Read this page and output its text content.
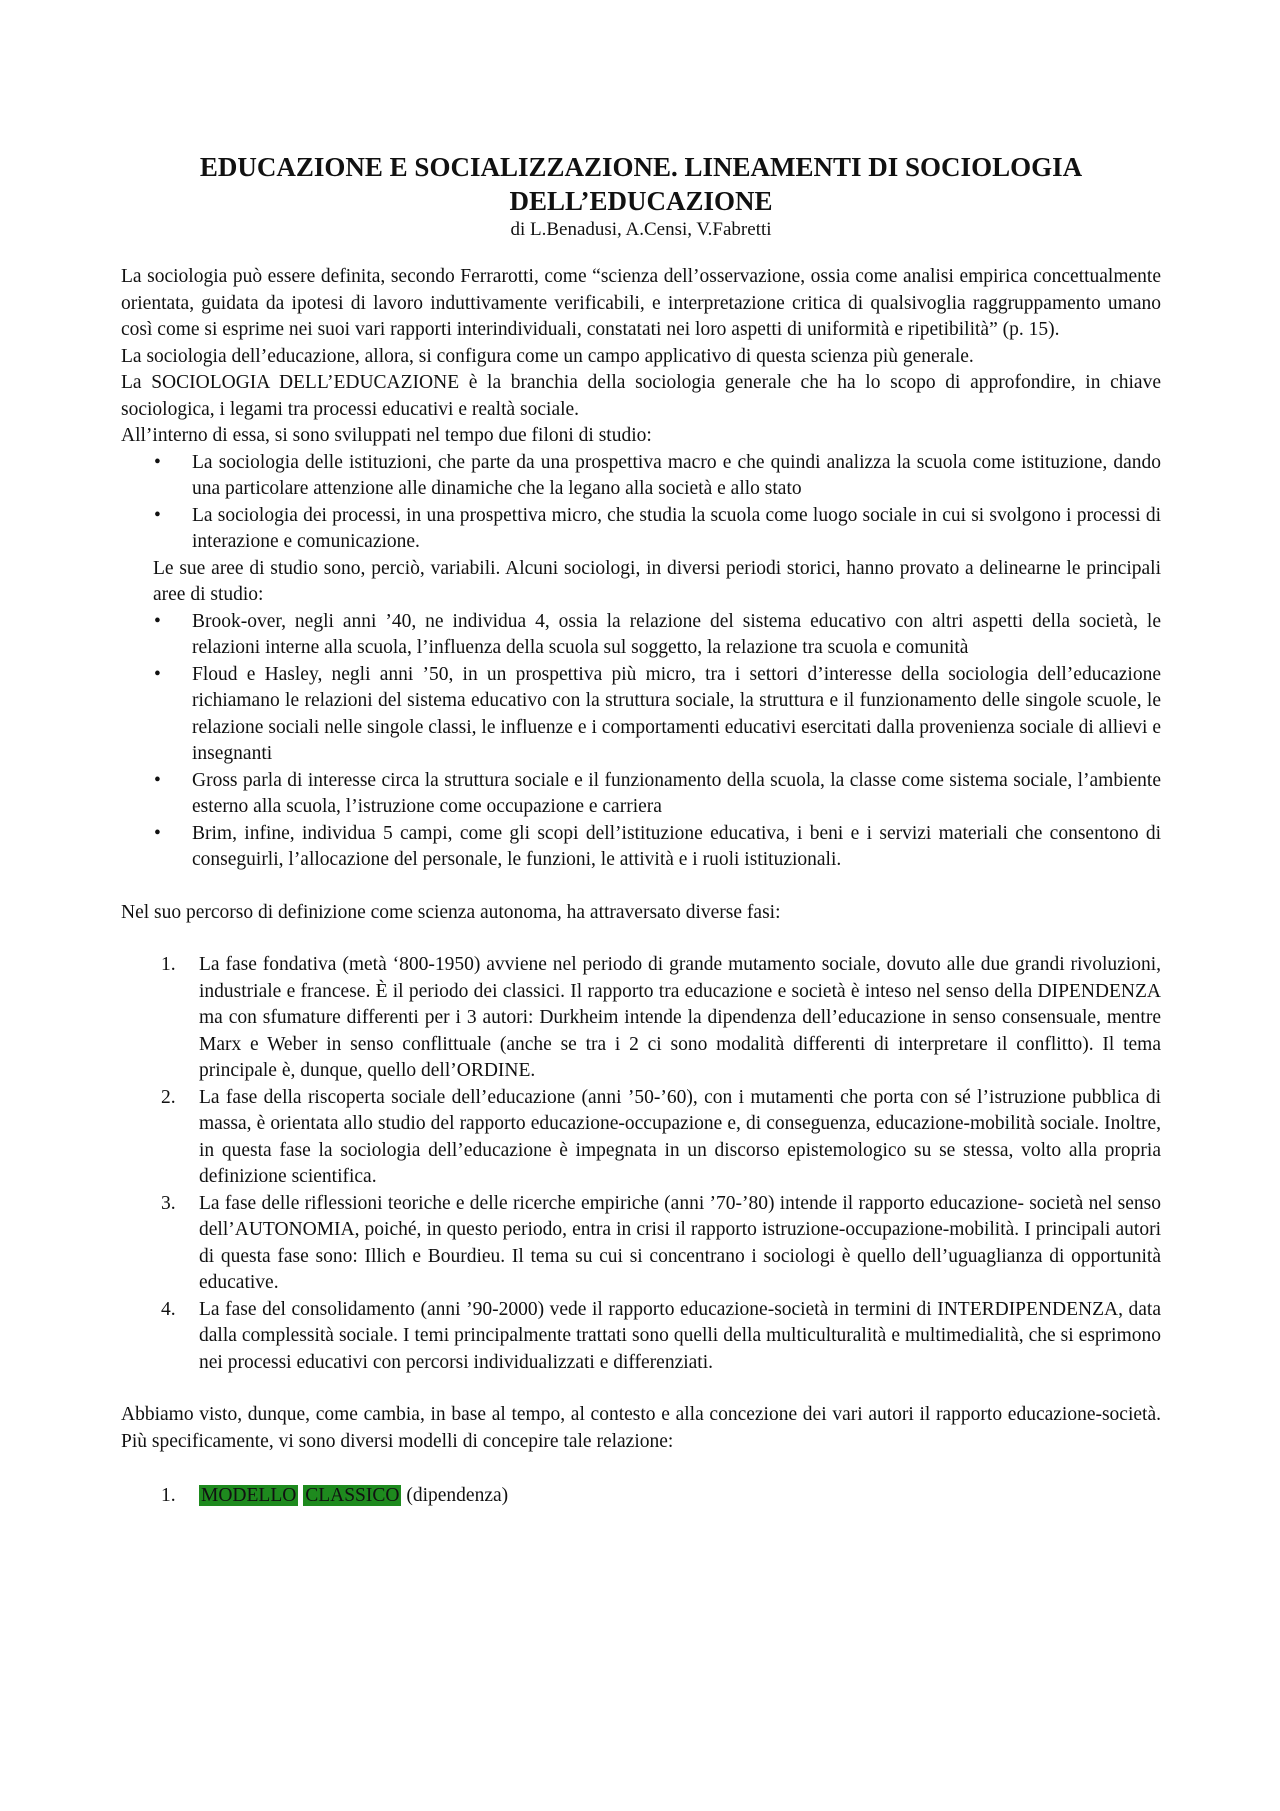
EDUCAZIONE E SOCIALIZZAZIONE. LINEAMENTI DI SOCIOLOGIA
DELL’EDUCAZIONE

di L.Benadusi, A.Censi, V.Fabretti

La sociologia può essere definita, secondo Ferrarotti, come “scienza dell’osservazione, ossia come analisi empirica concettualmente orientata, guidata da ipotesi di lavoro induttivamente verificabili, e interpretazione critica di qualsivoglia raggruppamento umano così come si esprime nei suoi vari rapporti interindividuali, constatati nei loro aspetti di uniformità e ripetibilità” (p. 15).

La sociologia dell’educazione, allora, si configura come un campo applicativo di questa scienza più generale.

La SOCIOLOGIA DELL’EDUCAZIONE è la branchia della sociologia generale che ha lo scopo di approfondire, in chiave sociologica, i legami tra processi educativi e realtà sociale.

All’interno di essa, si sono sviluppati nel tempo due filoni di studio:

• La sociologia delle istituzioni, che parte da una prospettiva macro e che quindi analizza la scuola come istituzione, dando una particolare attenzione alle dinamiche che la legano alla società e allo stato
• La sociologia dei processi, in una prospettiva micro, che studia la scuola come luogo sociale in cui si svolgono i processi di interazione e comunicazione.

Le sue aree di studio sono, perciò, variabili. Alcuni sociologi, in diversi periodi storici, hanno provato a delinearne le principali aree di studio:

• Brook-over, negli anni ’40, ne individua 4, ossia la relazione del sistema educativo con altri aspetti della società, le relazioni interne alla scuola, l’influenza della scuola sul soggetto, la relazione tra scuola e comunità
• Floud e Hasley, negli anni ’50, in un prospettiva più micro, tra i settori d’interesse della sociologia dell’educazione richiamano le relazioni del sistema educativo con la struttura sociale, la struttura e il funzionamento delle singole scuole, le relazione sociali nelle singole classi, le influenze e i comportamenti educativi esercitati dalla provenienza sociale di allievi e insegnanti
• Gross parla di interesse circa la struttura sociale e il funzionamento della scuola, la classe come sistema sociale, l’ambiente esterno alla scuola, l’istruzione come occupazione e carriera
• Brim, infine, individua 5 campi, come gli scopi dell’istituzione educativa, i beni e i servizi materiali che consentono di conseguirli, l’allocazione del personale, le funzioni, le attività e i ruoli istituzionali.

Nel suo percorso di definizione come scienza autonoma, ha attraversato diverse fasi:

1. La fase fondativa (metà ‘800-1950) avviene nel periodo di grande mutamento sociale, dovuto alle due grandi rivoluzioni, industriale e francese. È il periodo dei classici. Il rapporto tra educazione e società è inteso nel senso della DIPENDENZA ma con sfumature differenti per i 3 autori: Durkheim intende la dipendenza dell’educazione in senso consensuale, mentre Marx e Weber in senso conflittuale (anche se tra i 2 ci sono modalità differenti di interpretare il conflitto). Il tema principale è, dunque, quello dell’ORDINE.
2. La fase della riscoperta sociale dell’educazione (anni ’50-’60), con i mutamenti che porta con sé l’istruzione pubblica di massa, è orientata allo studio del rapporto educazione-occupazione e, di conseguenza, educazione-mobilità sociale. Inoltre, in questa fase la sociologia dell’educazione è impegnata in un discorso epistemologico su se stessa, volto alla propria definizione scientifica.
3. La fase delle riflessioni teoriche e delle ricerche empiriche (anni ’70-’80) intende il rapporto educazione- società nel senso dell’AUTONOMIA, poiché, in questo periodo, entra in crisi il rapporto istruzione-occupazione-mobilità. I principali autori di questa fase sono: Illich e Bourdieu. Il tema su cui si concentrano i sociologi è quello dell’uguaglianza di opportunità educative.
4. La fase del consolidamento (anni ’90-2000) vede il rapporto educazione-società in termini di INTERDIPENDENZA, data dalla complessità sociale. I temi principalmente trattati sono quelli della multiculturalità e multimedialità, che si esprimono nei processi educativi con percorsi individualizzati e differenziati.

Abbiamo visto, dunque, come cambia, in base al tempo, al contesto e alla concezione dei vari autori il rapporto educazione-società. Più specificamente, vi sono diversi modelli di concepire tale relazione:

1. MODELLO CLASSICO (dipendenza)
